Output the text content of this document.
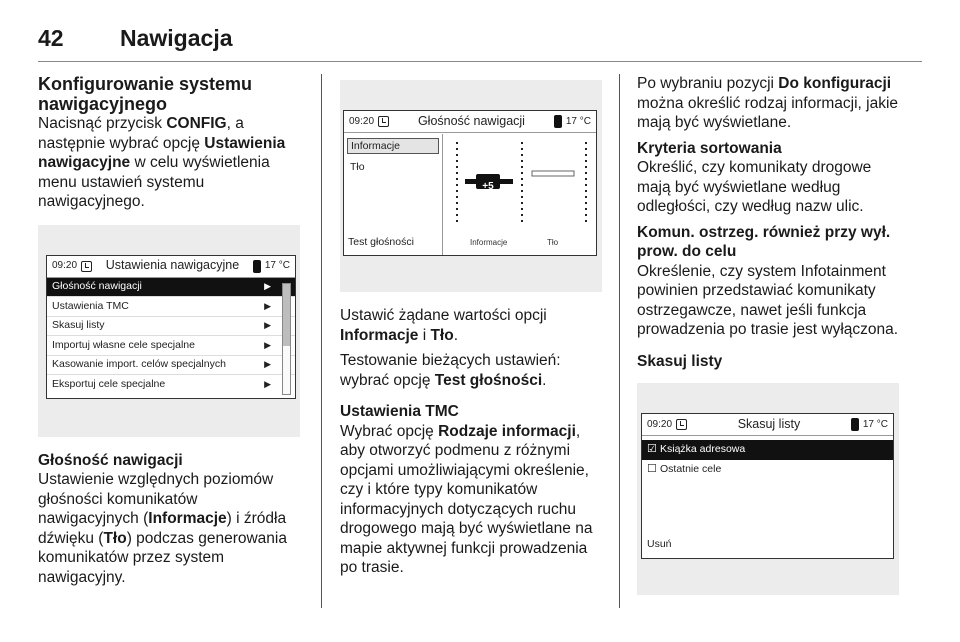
42	Nawigacja
Konfigurowanie systemu nawigacyjnego

Nacisnąć przycisk CONFIG, a następnie wybrać opcję Ustawienia nawigacyjne w celu wyświetlenia menu ustawień systemu nawigacyjnego.

09:20	Ustawienia nawigacyjne	17 °C
Głośność nawigacji	▶
Ustawienia TMC	▶
Skasuj listy	▶
Importuj własne cele specjalne	▶
Kasowanie import. celów specjalnych	▶
Eksportuj cele specjalne	▶
Głośność nawigacji

Ustawienie względnych poziomów głośności komunikatów nawigacyjnych (Informacje) i źródła dźwięku (Tło) podczas generowania komunikatów przez system nawigacyjny.

09:20	Głośność nawigacji	17 °C
Informacje
Tło
Test głośności
+5
Informacje	Tło

Ustawić żądane wartości opcji Informacje i Tło.

Testowanie bieżących ustawień: wybrać opcję Test głośności.

Ustawienia TMC

Wybrać opcję Rodzaje informacji, aby otworzyć podmenu z różnymi opcjami umożliwiającymi określenie, czy i które typy komunikatów informacyjnych dotyczących ruchu drogowego mają być wyświetlane na mapie aktywnej funkcji prowadzenia po trasie.

Po wybraniu pozycji Do konfiguracji można określić rodzaj informacji, jakie mają być wyświetlane.

Kryteria sortowania

Określić, czy komunikaty drogowe mają być wyświetlane według odległości, czy według nazw ulic.

Komun. ostrzeg. również przy wył. prow. do celu

Określenie, czy system Infotainment powinien przedstawiać komunikaty ostrzegawcze, nawet jeśli funkcja prowadzenia po trasie jest wyłączona.

Skasuj listy
09:20	Skasuj listy	17 °C
☑ Książka adresowa
☐ Ostatnie cele
Usuń
